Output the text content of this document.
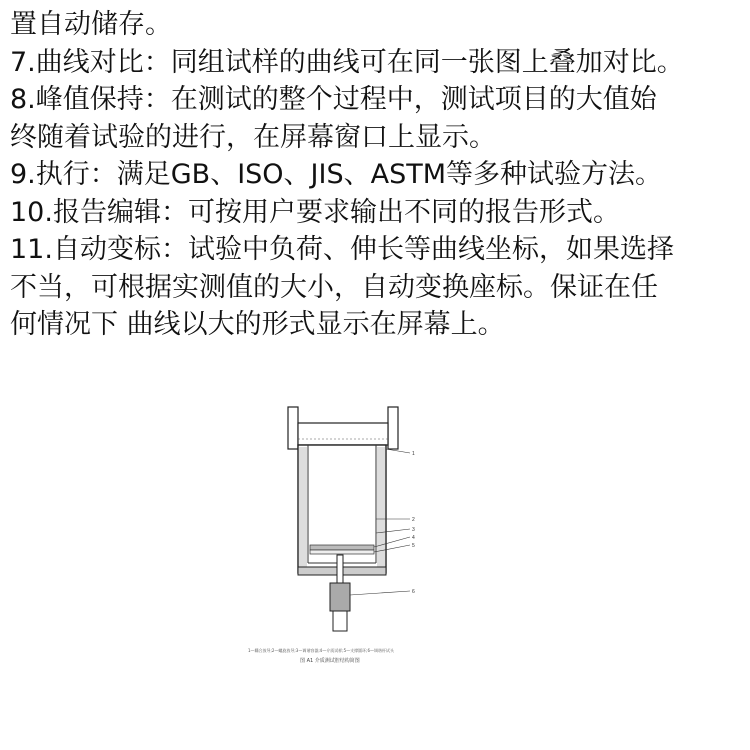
置自动储存。
7.曲线对比：同组试样的曲线可在同一张图上叠加对比。
8.峰值保持：在测试的整个过程中，测试项目的大值始
终随着试验的进行，在屏幕窗口上显示。
9.执行：满足GB、ISO、JIS、ASTM等多种试验方法。
10.报告编辑：可按用户要求输出不同的报告形式。
11.自动变标：试验中负荷、伸长等曲线坐标，如果选择
不当，可根据实测值的大小，自动变换座标。保证在任
何情况下 曲线以大的形式显示在屏幕上。
1
2
3
4
5
6
1—耦合放导;2—螺旋放导;3—调谐容器;4—介质试样;5—支撑圆环;6—调谐杆试头
图 A1 介质测试腔结构简图
